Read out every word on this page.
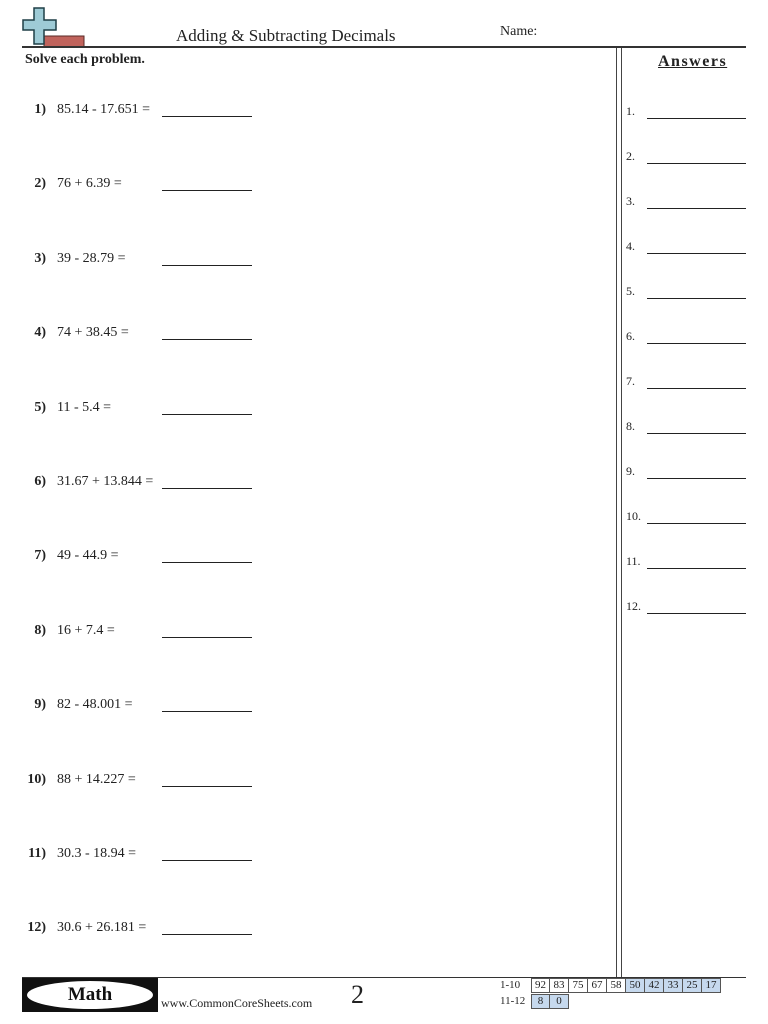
Adding & Subtracting Decimals	Name:
Solve each problem.
1) 85.14 - 17.651 =
2) 76 + 6.39 =
3) 39 - 28.79 =
4) 74 + 38.45 =
5) 11 - 5.4 =
6) 31.67 + 13.844 =
7) 49 - 44.9 =
8) 16 + 7.4 =
9) 82 - 48.001 =
10) 88 + 14.227 =
11) 30.3 - 18.94 =
12) 30.6 + 26.181 =
Answers
1.
2.
3.
4.
5.
6.
7.
8.
9.
10.
11.
12.
Math	www.CommonCoreSheets.com 2	1-10	92 83 75 67 58 50 42 33 25 17
11-12	8	0
